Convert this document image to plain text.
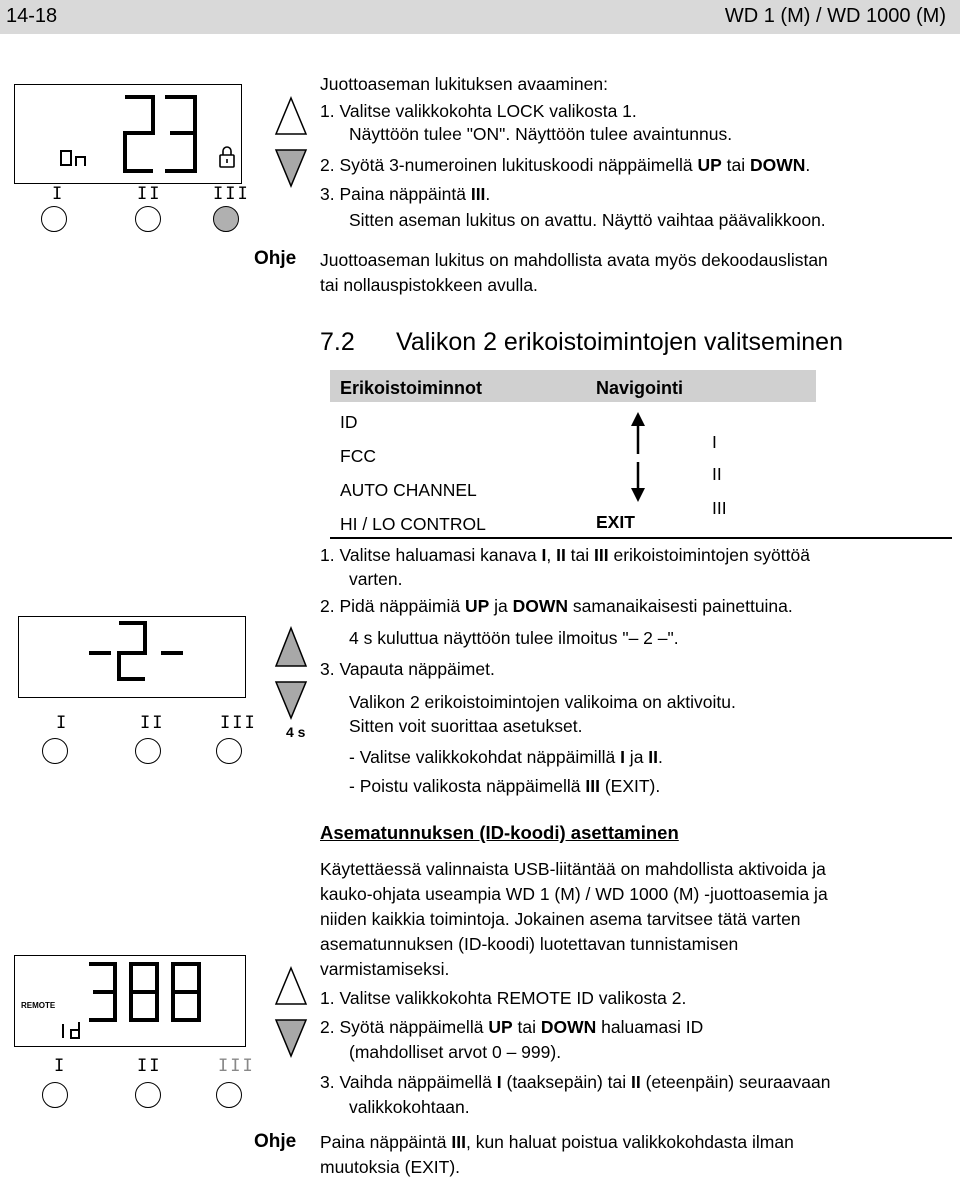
14-18	WD 1 (M) / WD 1000 (M)
I	II	III
Juottoaseman lukituksen avaaminen:
1. Valitse valikkokohta LOCK valikosta 1.
Näyttöön tulee "ON". Näyttöön tulee avaintunnus.
2. Syötä 3-numeroinen lukituskoodi näppäimellä UP tai DOWN.
3. Paina näppäintä III.
Sitten aseman lukitus on avattu. Näyttö vaihtaa päävalikkoon.
Ohje Juottoaseman lukitus on mahdollista avata myös dekoodauslistan
tai nollauspistokkeen avulla.
7.2 Valikon 2 erikoistoimintojen valitseminen
Erikoistoiminnot	Navigointi
ID
FCC
AUTO CHANNEL
HI / LO CONTROL	EXIT
I
II
III
1. Valitse haluamasi kanava I, II tai III erikoistoimintojen syöttöä
varten.
2. Pidä näppäimiä UP ja DOWN samanaikaisesti painettuina.
4 s kuluttua näyttöön tulee ilmoitus "– 2 –".
3. Vapauta näppäimet.
Valikon 2 erikoistoimintojen valikoima on aktivoitu.
Sitten voit suorittaa asetukset.
- Valitse valikkokohdat näppäimillä I ja II.
- Poistu valikosta näppäimellä III (EXIT).
I	II	III 4 s
Asematunnuksen (ID-koodi) asettaminen
Käytettäessä valinnaista USB-liitäntää on mahdollista aktivoida ja
kauko-ohjata useampia WD 1 (M) / WD 1000 (M) -juottoasemia ja
niiden kaikkia toimintoja. Jokainen asema tarvitsee tätä varten
asematunnuksen (ID-koodi) luotettavan tunnistamisen
varmistamiseksi.
1. Valitse valikkokohta REMOTE ID valikosta 2.
2. Syötä näppäimellä UP tai DOWN haluamasi ID
(mahdolliset arvot 0 – 999).
3. Vaihda näppäimellä I (taaksepäin) tai II (eteenpäin) seuraavaan
valikkokohtaan.
Ohje Paina näppäintä III, kun haluat poistua valikkokohdasta ilman
muutoksia (EXIT).
REMOTE
I	II	III
